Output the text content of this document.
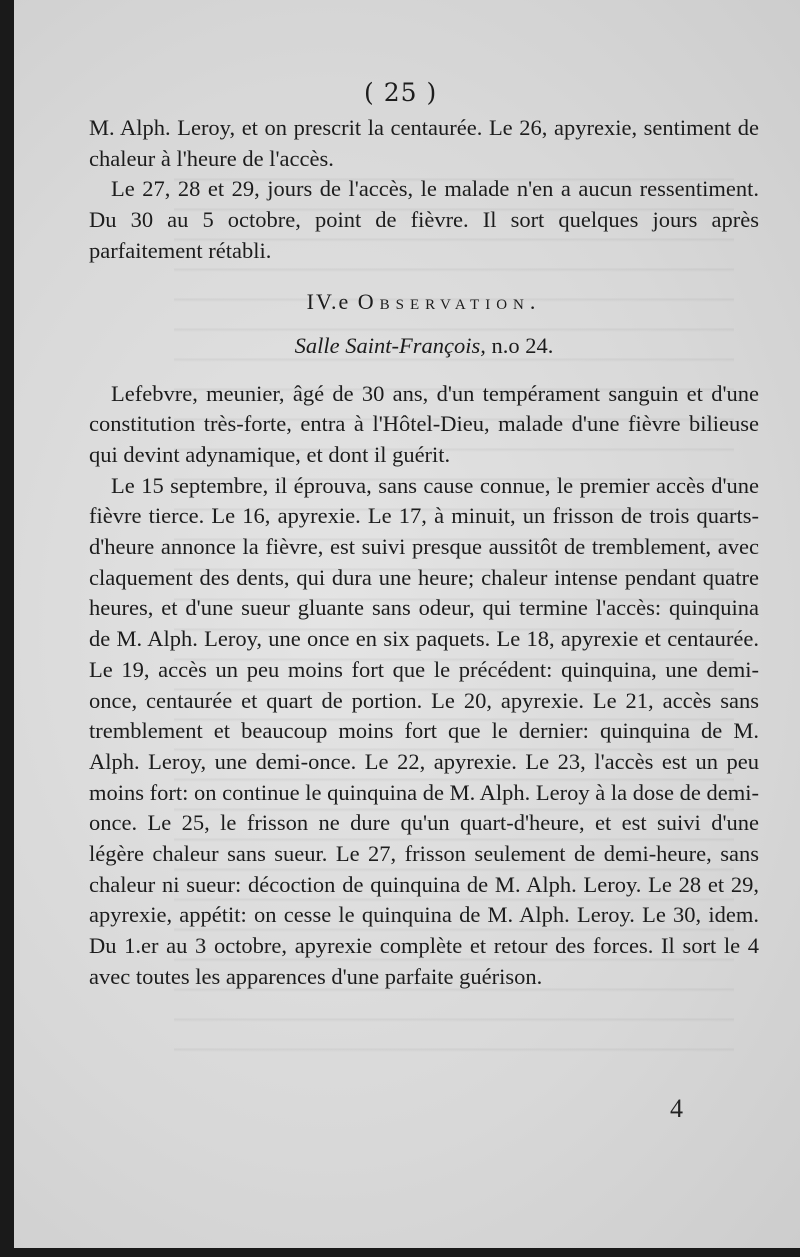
( 25 )

M. Alph. Leroy, et on prescrit la centaurée. Le 26, apyrexie, sentiment de chaleur à l'heure de l'accès.

Le 27, 28 et 29, jours de l'accès, le malade n'en a aucun ressentiment. Du 30 au 5 octobre, point de fièvre. Il sort quelques jours après parfaitement rétabli.

IV.e Observation.

Salle Saint-François, n.o 24.

Lefebvre, meunier, âgé de 30 ans, d'un tempérament sanguin et d'une constitution très-forte, entra à l'Hôtel-Dieu, malade d'une fièvre bilieuse qui devint adynamique, et dont il guérit.

Le 15 septembre, il éprouva, sans cause connue, le premier accès d'une fièvre tierce. Le 16, apyrexie. Le 17, à minuit, un frisson de trois quarts-d'heure annonce la fièvre, est suivi presque aussitôt de tremblement, avec claquement des dents, qui dura une heure; chaleur intense pendant quatre heures, et d'une sueur gluante sans odeur, qui termine l'accès: quinquina de M. Alph. Leroy, une once en six paquets. Le 18, apyrexie et centaurée. Le 19, accès un peu moins fort que le précédent: quinquina, une demi-once, centaurée et quart de portion. Le 20, apyrexie. Le 21, accès sans tremblement et beaucoup moins fort que le dernier: quinquina de M. Alph. Leroy, une demi-once. Le 22, apyrexie. Le 23, l'accès est un peu moins fort: on continue le quinquina de M. Alph. Leroy à la dose de demi-once. Le 25, le frisson ne dure qu'un quart-d'heure, et est suivi d'une légère chaleur sans sueur. Le 27, frisson seulement de demi-heure, sans chaleur ni sueur: décoction de quinquina de M. Alph. Leroy. Le 28 et 29, apyrexie, appétit: on cesse le quinquina de M. Alph. Leroy. Le 30, idem. Du 1.er au 3 octobre, apyrexie complète et retour des forces. Il sort le 4 avec toutes les apparences d'une parfaite guérison.

4
